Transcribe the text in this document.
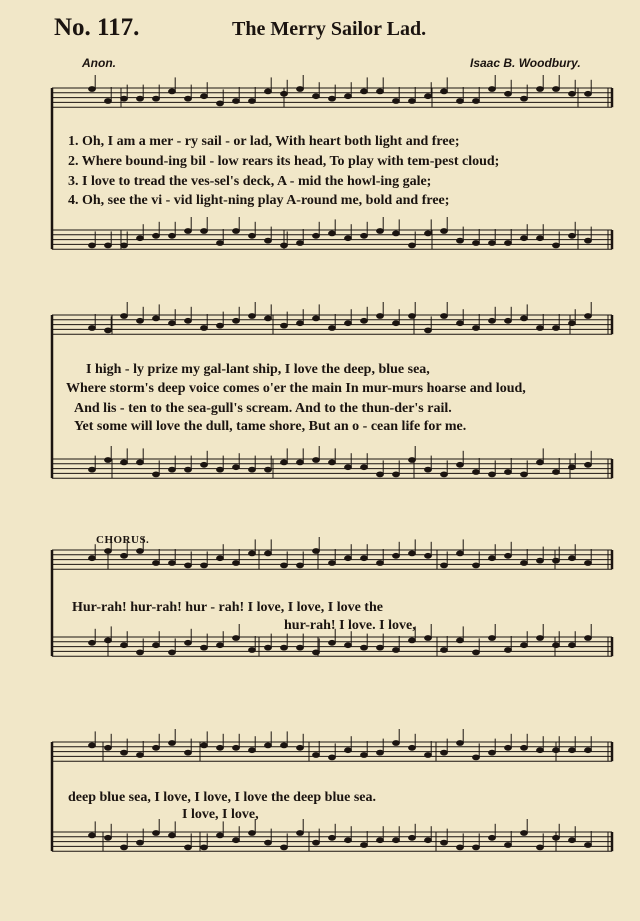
No. 117.	The Merry Sailor Lad.
Anon.	Isaac B. Woodbury.
1. Oh, I am a mer - ry sail - or lad, With heart both light and free;
2. Where bound-ing bil - low rears its head, To play with tem-pest cloud;
3. I love to tread the ves-sel's deck, A - mid the howl-ing gale;
4. Oh, see the vi - vid light-ning play A-round me, bold and free;
I high - ly prize my gal-lant ship, I love the deep, blue sea,
Where storm's deep voice comes o'er the main In mur-murs hoarse and loud,
And lis - ten to the sea-gull's scream. And to the thun-der's rail.
Yet some will love the dull, tame shore, But an o - cean life for me.
CHORUS.
Hur-rah! hur-rah! hur - rah! I love, I love, I love the
hur-rah! I love. I love,
deep blue sea, I love, I love, I love the deep blue sea.
I love, I love,
